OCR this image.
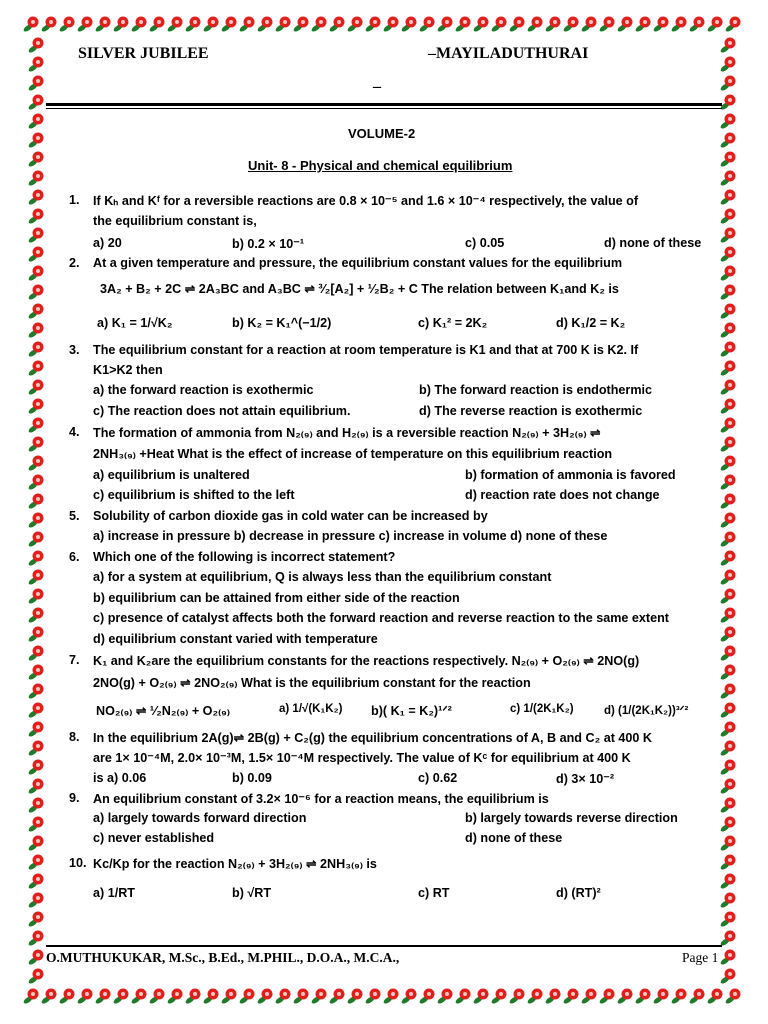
SILVER JUBILEE	–MAYILADUTHURAI
–
VOLUME-2
Unit- 8 - Physical and chemical equilibrium
1. If Kₕ and Kᶠ for a reversible reactions are 0.8 × 10⁻⁵ and 1.6 × 10⁻⁴ respectively, the value of
the equilibrium constant is,
a) 20	b) 0.2 × 10⁻¹	c) 0.05	d) none of these
2. At a given temperature and pressure, the equilibrium constant values for the equilibrium
3A₂ + B₂ + 2C ⇌ 2A₃BC and A₃BC ⇌ ³⁄₂[A₂] + ¹⁄₂B₂ + C The relation between K₁and K₂ is
a) K₁ = 1/√K₂	b) K₂ = K₁^(−1/2)	c) K₁² = 2K₂	d) K₁/2 = K₂
3. The equilibrium constant for a reaction at room temperature is K1 and that at 700 K is K2. If
K1>K2 then
a) the forward reaction is exothermic	b) The forward reaction is endothermic
c) The reaction does not attain equilibrium.	d) The reverse reaction is exothermic
4. The formation of ammonia from N₂₍₉₎ and H₂₍₉₎ is a reversible reaction N₂₍₉₎ + 3H₂₍₉₎ ⇌
2NH₃₍₉₎ +Heat What is the effect of increase of temperature on this equilibrium reaction
a) equilibrium is unaltered	b) formation of ammonia is favored
c) equilibrium is shifted to the left	d) reaction rate does not change
5. Solubility of carbon dioxide gas in cold water can be increased by
a) increase in pressure b) decrease in pressure c) increase in volume d) none of these
6. Which one of the following is incorrect statement?
a) for a system at equilibrium, Q is always less than the equilibrium constant
b) equilibrium can be attained from either side of the reaction
c) presence of catalyst affects both the forward reaction and reverse reaction to the same extent
d) equilibrium constant varied with temperature
7. K₁ and K₂are the equilibrium constants for the reactions respectively. N₂₍₉₎ + O₂₍₉₎ ⇌ 2NO(g)
2NO(g) + O₂₍₉₎ ⇌ 2NO₂₍₉₎ What is the equilibrium constant for the reaction
NO₂₍₉₎ ⇌ ¹⁄₂N₂₍₉₎ + O₂₍₉₎	a) 1/√(K₁K₂) b)( K₁ = K₂)¹ᐟ²	c) 1/(2K₁K₂)	d) (1/(2K₁K₂))³ᐟ²
8. In the equilibrium 2A(g)⇌ 2B(g) + C₂(g) the equilibrium concentrations of A, B and C₂ at 400 K
are 1× 10⁻⁴M, 2.0× 10⁻³M, 1.5× 10⁻⁴M respectively. The value of Kᶜ for equilibrium at 400 K
is a) 0.06	b) 0.09	c) 0.62	d) 3× 10⁻²
9. An equilibrium constant of 3.2× 10⁻⁶ for a reaction means, the equilibrium is
a) largely towards forward direction	b) largely towards reverse direction
c) never established	d) none of these
10. Kc/Kp for the reaction N₂₍₉₎ + 3H₂₍₉₎ ⇌ 2NH₃₍₉₎ is
a) 1/RT	b) √RT	c) RT	d) (RT)²
O.MUTHUKUKAR, M.Sc., B.Ed., M.PHIL., D.O.A., M.C.A.,	Page 1
